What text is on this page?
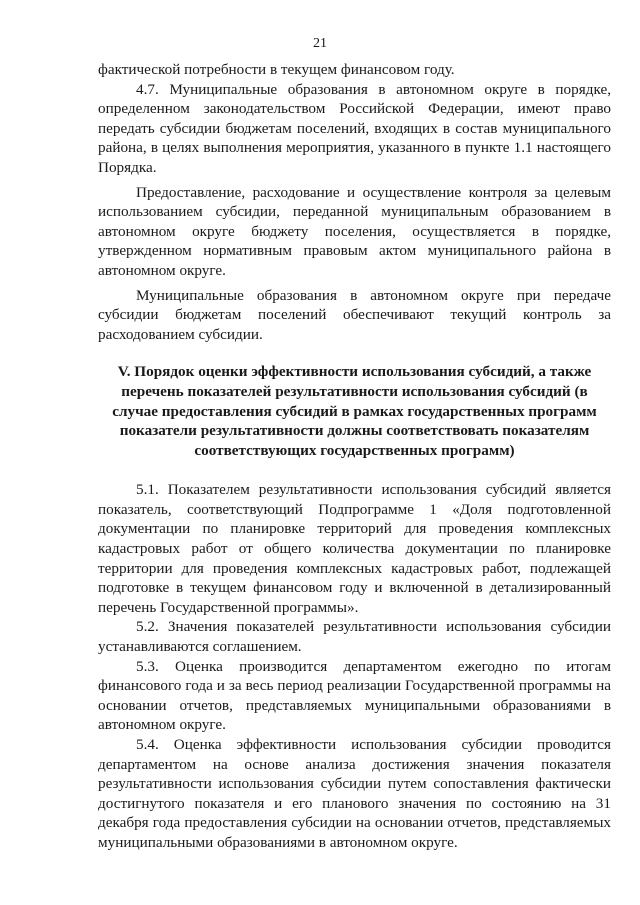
21

фактической потребности в текущем финансовом году.

4.7. Муниципальные образования в автономном округе в порядке, определенном законодательством Российской Федерации, имеют право передать субсидии бюджетам поселений, входящих в состав муниципального района, в целях выполнения мероприятия, указанного в пункте 1.1 настоящего Порядка.

Предоставление, расходование и осуществление контроля за целевым использованием субсидии, переданной муниципальным образованием в автономном округе бюджету поселения, осуществляется в порядке, утвержденном нормативным правовым актом муниципального района в автономном округе.

Муниципальные образования в автономном округе при передаче субсидии бюджетам поселений обеспечивают текущий контроль за расходованием субсидии.

V. Порядок оценки эффективности использования субсидий, а также перечень показателей результативности использования субсидий (в случае предоставления субсидий в рамках государственных программ показатели результативности должны соответствовать показателям соответствующих государственных программ)

5.1. Показателем результативности использования субсидий является показатель, соответствующий Подпрограмме 1 «Доля подготовленной документации по планировке территорий для проведения комплексных кадастровых работ от общего количества документации по планировке территории для проведения комплексных кадастровых работ, подлежащей подготовке в текущем финансовом году и включенной в детализированный перечень Государственной программы».

5.2. Значения показателей результативности использования субсидии устанавливаются соглашением.

5.3. Оценка производится департаментом ежегодно по итогам финансового года и за весь период реализации Государственной программы на основании отчетов, представляемых муниципальными образованиями в автономном округе.

5.4. Оценка эффективности использования субсидии проводится департаментом на основе анализа достижения значения показателя результативности использования субсидии путем сопоставления фактически достигнутого показателя и его планового значения по состоянию на 31 декабря года предоставления субсидии на основании отчетов, представляемых муниципальными образованиями в автономном округе.
